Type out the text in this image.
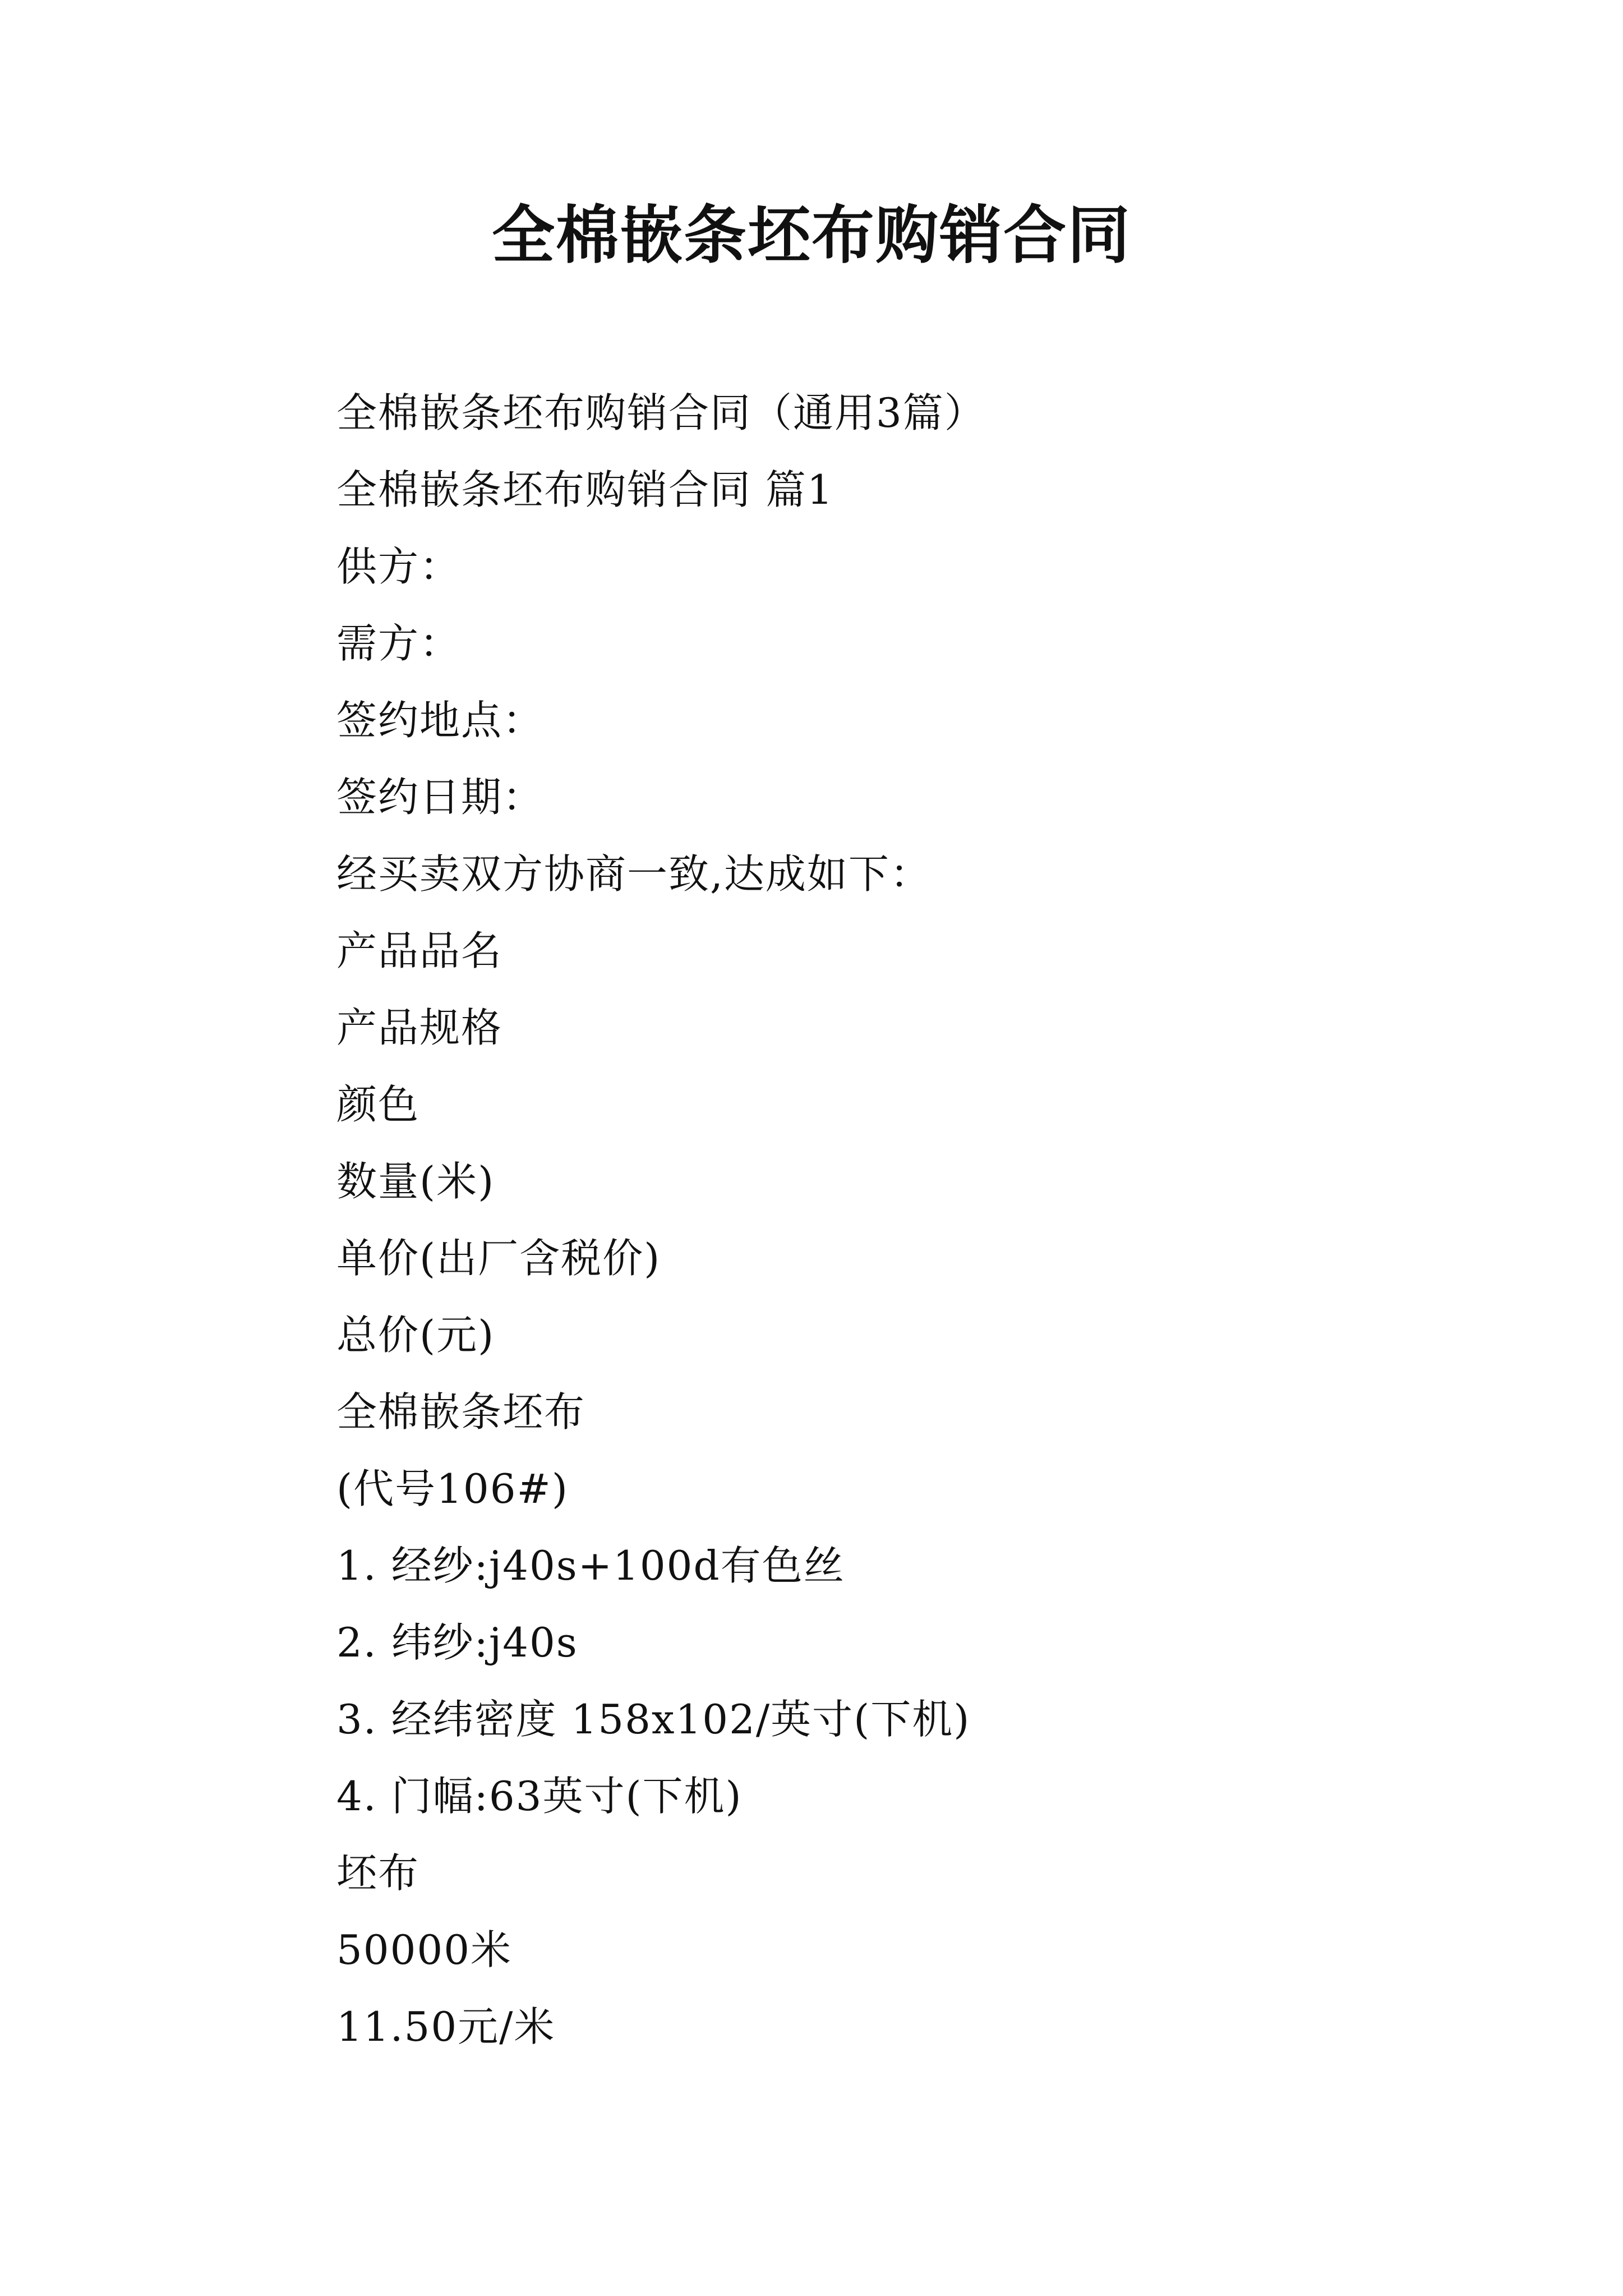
全棉嵌条坯布购销合同
全棉嵌条坯布购销合同（通用3篇）
全棉嵌条坯布购销合同 篇1
供方：
需方：
签约地点：
签约日期：
经买卖双方协商一致,达成如下：
产品品名
产品规格
颜色
数量(米)
单价(出厂含税价)
总价(元)
全棉嵌条坯布
(代号106#)
1. 经纱:j40s+100d有色丝
2. 纬纱:j40s
3. 经纬密度 158x102/英寸(下机)
4. 门幅:63英寸(下机)
坯布
50000米
11.50元/米
